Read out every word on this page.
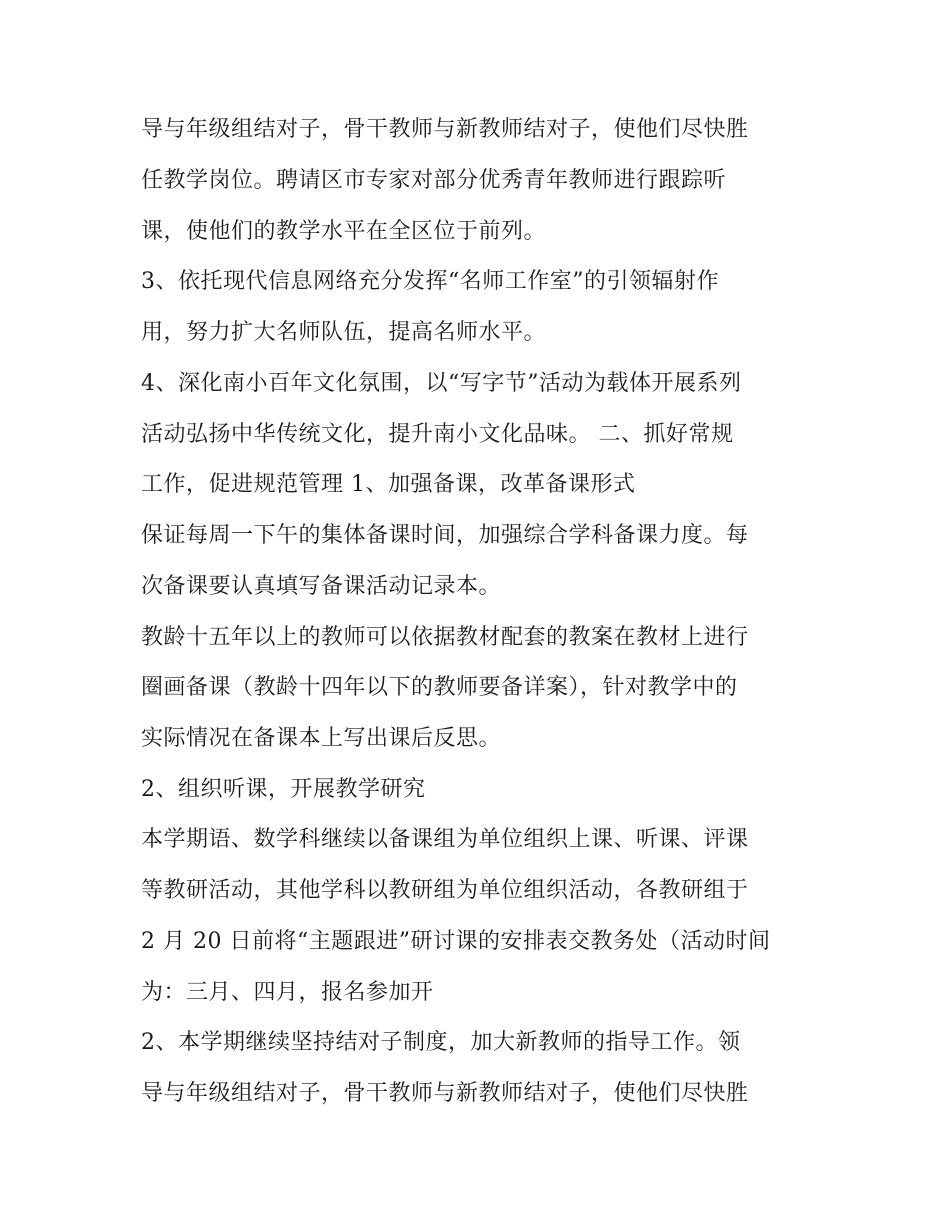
导与年级组结对子，骨干教师与新教师结对子，使他们尽快胜
任教学岗位。聘请区市专家对部分优秀青年教师进行跟踪听
课，使他们的教学水平在全区位于前列。
3、依托现代信息网络充分发挥“名师工作室”的引领辐射作
用，努力扩大名师队伍，提高名师水平。
4、深化南小百年文化氛围，以“写字节”活动为载体开展系列
活动弘扬中华传统文化，提升南小文化品味。 二、抓好常规
工作，促进规范管理 1、加强备课，改革备课形式
保证每周一下午的集体备课时间，加强综合学科备课力度。每
次备课要认真填写备课活动记录本。
教龄十五年以上的教师可以依据教材配套的教案在教材上进行
圈画备课（教龄十四年以下的教师要备详案），针对教学中的
实际情况在备课本上写出课后反思。
2、组织听课，开展教学研究
本学期语、数学科继续以备课组为单位组织上课、听课、评课
等教研活动，其他学科以教研组为单位组织活动，各教研组于
2 月 20 日前将“主题跟进”研讨课的安排表交教务处（活动时间
为：三月、四月，报名参加开
2、本学期继续坚持结对子制度，加大新教师的指导工作。领
导与年级组结对子，骨干教师与新教师结对子，使他们尽快胜
